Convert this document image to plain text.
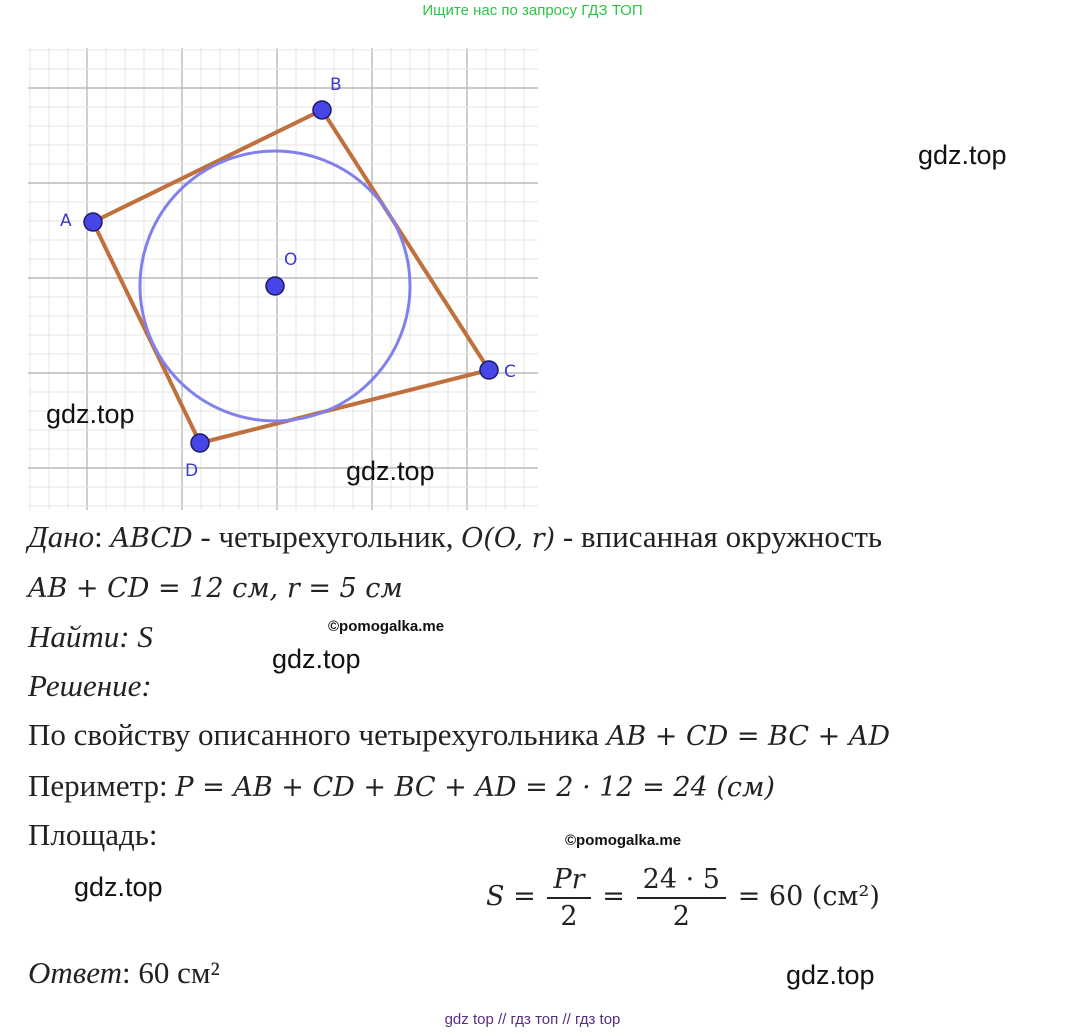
Ищите нас по запросу ГДЗ ТОП
A
B
C
D
O
gdz.top
gdz.top
gdz.top
gdz.top
gdz.top
gdz.top
©pomogalka.me
©pomogalka.me
Дано: ABCD - четырехугольник, O(O, r) - вписанная окружность
AB + CD = 12 см, r = 5 см
Найти: S
Решение:
По свойству описанного четырехугольника AB + CD = BC + AD
Периметр: P = AB + CD + BC + AD = 2 · 12 = 24 (см)
Площадь:
$S = \frac{Pr}{2} = \frac{24 \cdot 5}{2} = 60$ (см²)
Ответ: 60 см²
gdz top // гдз топ // гдз top
